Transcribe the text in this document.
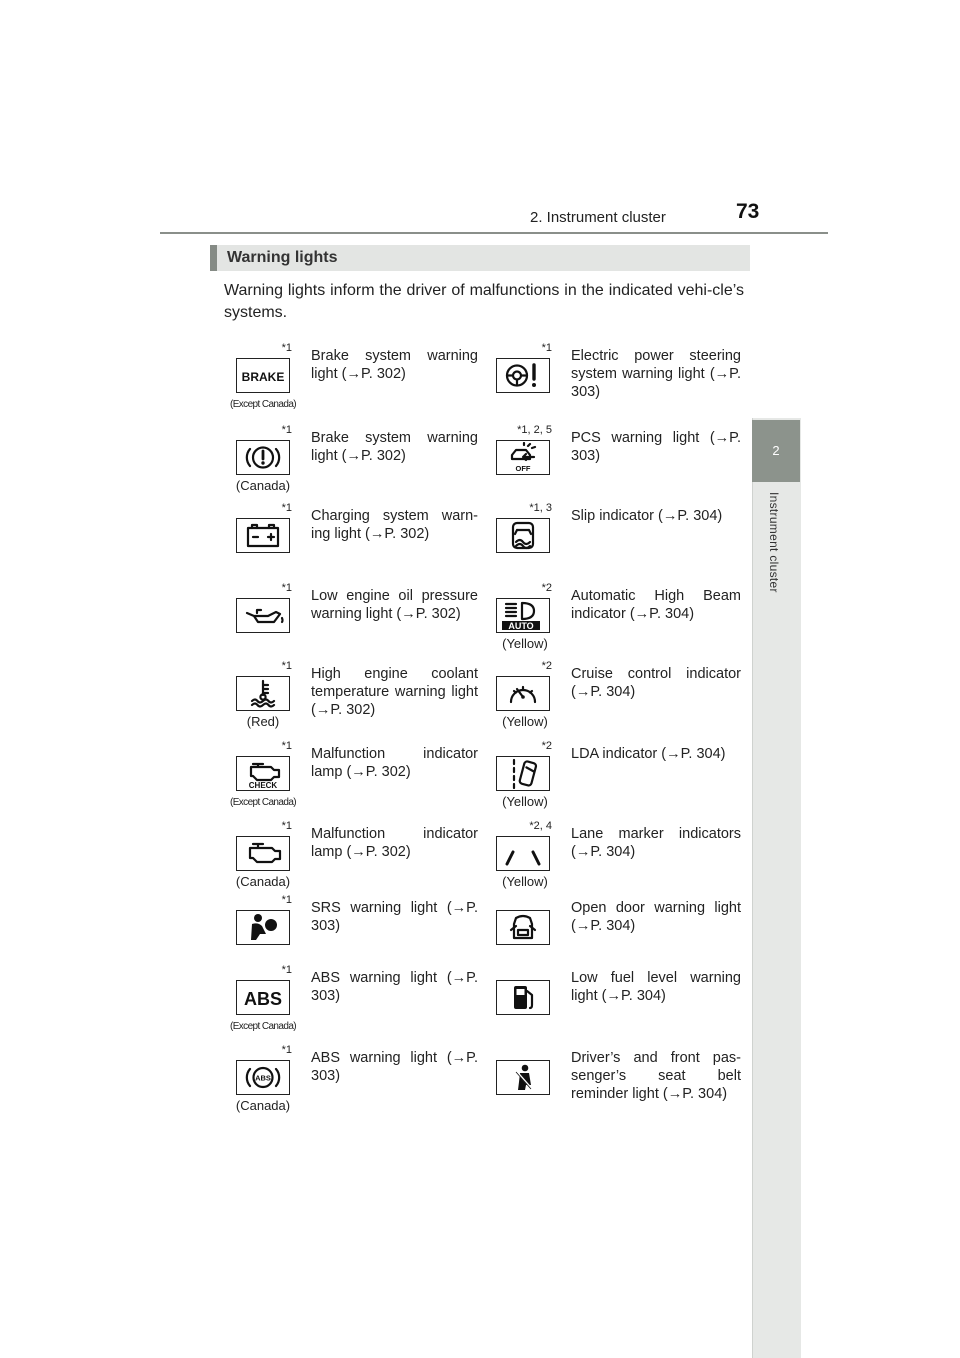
2. Instrument cluster	73
2
Instrument cluster
Warning lights
Warning lights inform the driver of malfunctions in the indicated vehi-cle’s systems.
BRAKE
*1
(Except Canada)
Brake system warning light (→P. 302)
*1 Electric power steering system warning light (→P. 303)
*1
(Canada)
Brake system warning light (→P. 302)
OFF
*1, 2, 5 PCS warning light (→P. 303)
*1 Charging system warn-ing light (→P. 302)
*1, 3 Slip indicator (→P. 304)
*1 Low engine oil pressure warning light (→P. 302)
AUTO
*2
(Yellow)
Automatic High Beam indicator (→P. 304)
*1
(Red)
High engine coolant temperature warning light (→P. 302)
*2
(Yellow)
Cruise control indicator (→P. 304)
CHECK
*1
(Except Canada)
Malfunction indicator lamp (→P. 302)
*2
(Yellow)
LDA indicator (→P. 304)
*1
(Canada)
Malfunction indicator lamp (→P. 302)
*2, 4
(Yellow)
Lane marker indicators (→P. 304)
*1 SRS warning light (→P. 303)
Open door warning light (→P. 304)
ABS
*1
(Except Canada)
ABS warning light (→P. 303)
Low fuel level warning light (→P. 304)
ABS
*1
(Canada)
ABS warning light (→P. 303)
Driver’s and front pas-senger’s seat belt reminder light (→P. 304)
